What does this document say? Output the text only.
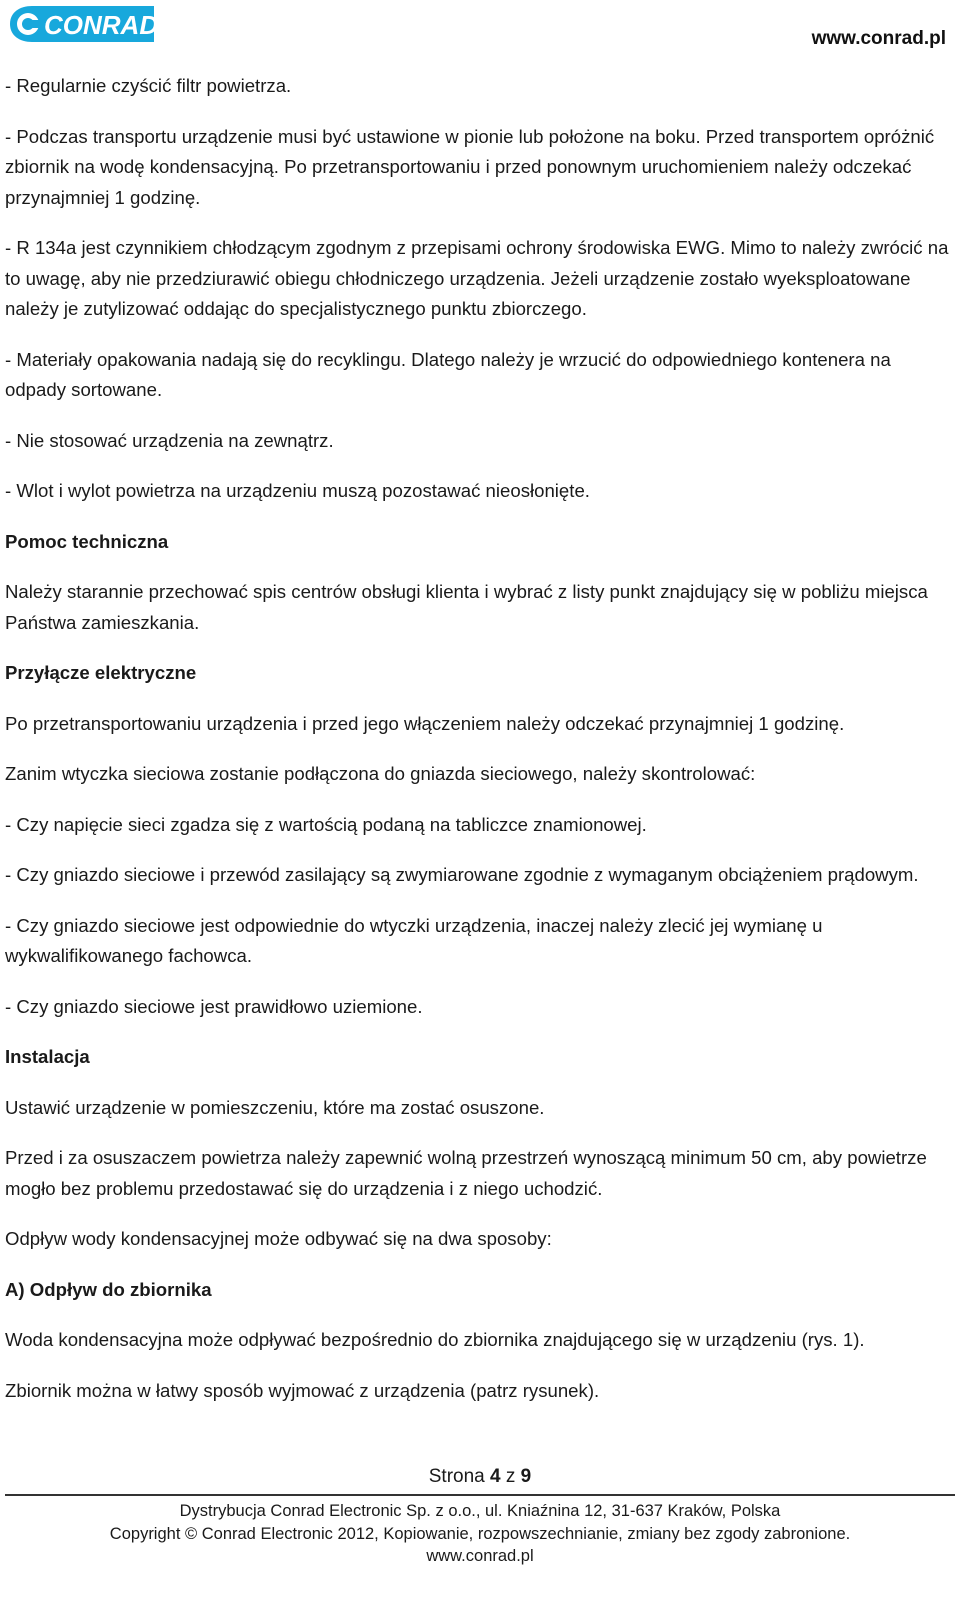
CONRAD	www.conrad.pl

- Regularnie czyścić filtr powietrza.

- Podczas transportu urządzenie musi być ustawione w pionie lub położone na boku. Przed transportem opróżnić zbiornik na wodę kondensacyjną. Po przetransportowaniu i przed ponownym uruchomieniem należy odczekać przynajmniej 1 godzinę.

- R 134a jest czynnikiem chłodzącym zgodnym z przepisami ochrony środowiska EWG. Mimo to należy zwrócić na to uwagę, aby nie przedziurawić obiegu chłodniczego urządzenia. Jeżeli urządzenie zostało wyeksploatowane należy je zutylizować oddając do specjalistycznego punktu zbiorczego.

- Materiały opakowania nadają się do recyklingu. Dlatego należy je wrzucić do odpowiedniego kontenera na odpady sortowane.

- Nie stosować urządzenia na zewnątrz.

- Wlot i wylot powietrza na urządzeniu muszą pozostawać nieosłonięte.

Pomoc techniczna

Należy starannie przechować spis centrów obsługi klienta i wybrać z listy punkt znajdujący się w pobliżu miejsca Państwa zamieszkania.

Przyłącze elektryczne

Po przetransportowaniu urządzenia i przed jego włączeniem należy odczekać przynajmniej 1 godzinę.

Zanim wtyczka sieciowa zostanie podłączona do gniazda sieciowego, należy skontrolować:

- Czy napięcie sieci zgadza się z wartością podaną na tabliczce znamionowej.

- Czy gniazdo sieciowe i przewód zasilający są zwymiarowane zgodnie z wymaganym obciążeniem prądowym.

- Czy gniazdo sieciowe jest odpowiednie do wtyczki urządzenia, inaczej należy zlecić jej wymianę u wykwalifikowanego fachowca.

- Czy gniazdo sieciowe jest prawidłowo uziemione.

Instalacja

Ustawić urządzenie w pomieszczeniu, które ma zostać osuszone.

Przed i za osuszaczem powietrza należy zapewnić wolną przestrzeń wynoszącą minimum 50 cm, aby powietrze mogło bez problemu przedostawać się do urządzenia i z niego uchodzić.

Odpływ wody kondensacyjnej może odbywać się na dwa sposoby:

A) Odpływ do zbiornika

Woda kondensacyjna może odpływać bezpośrednio do zbiornika znajdującego się w urządzeniu (rys. 1).

Zbiornik można w łatwy sposób wyjmować z urządzenia (patrz rysunek).

Strona 4 z 9
Dystrybucja Conrad Electronic Sp. z o.o., ul. Kniaźnina 12, 31-637 Kraków, Polska
Copyright © Conrad Electronic 2012, Kopiowanie, rozpowszechnianie, zmiany bez zgody zabronione.
www.conrad.pl
